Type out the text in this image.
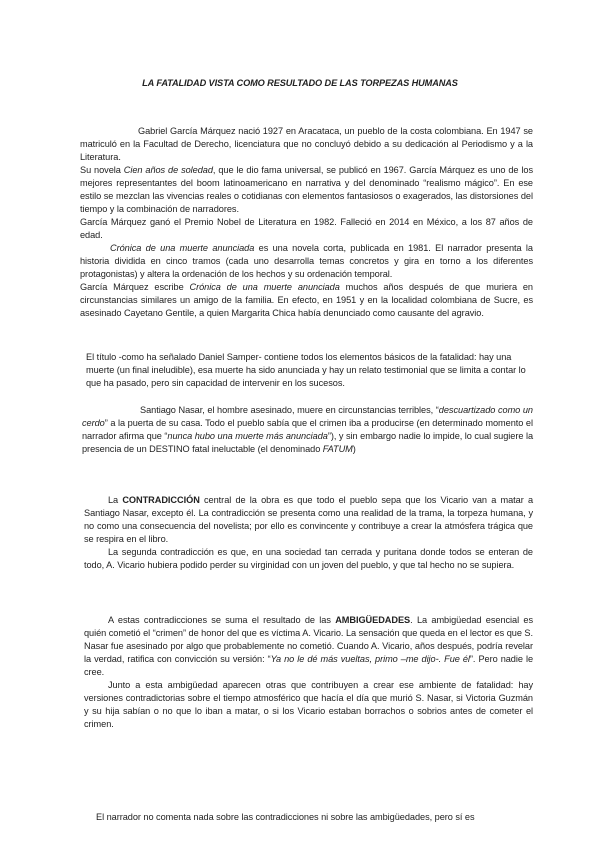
LA FATALIDAD VISTA COMO RESULTADO DE LAS TORPEZAS HUMANAS

Gabriel García Márquez nació 1927 en Aracataca, un pueblo de la costa colombiana. En 1947 se matriculó en la Facultad de Derecho, licenciatura que no concluyó debido a su dedicación al Periodismo y a la Literatura.

Su novela Cien años de soledad, que le dio fama universal, se publicó en 1967. García Márquez es uno de los mejores representantes del boom latinoamericano en narrativa y del denominado “realismo mágico”. En ese estilo se mezclan las vivencias reales o cotidianas con elementos fantasiosos o exagerados, las distorsiones del tiempo y la combinación de narradores.

García Márquez ganó el Premio Nobel de Literatura en 1982. Falleció en 2014 en México, a los 87 años de edad.

Crónica de una muerte anunciada es una novela corta, publicada en 1981. El narrador presenta la historia dividida en cinco tramos (cada uno desarrolla temas concretos y gira en torno a los diferentes protagonistas) y altera la ordenación de los hechos y su ordenación temporal.

García Márquez escribe Crónica de una muerte anunciada muchos años después de que muriera en circunstancias similares un amigo de la familia. En efecto, en 1951 y en la localidad colombiana de Sucre, es asesinado Cayetano Gentile, a quien Margarita Chica había denunciado como causante del agravio.

El título -como ha señalado Daniel Samper- contiene todos los elementos básicos de la fatalidad: hay una muerte (un final ineludible), esa muerte ha sido anunciada y hay un relato testimonial que se limita a contar lo que ha pasado, pero sin capacidad de intervenir en los sucesos.

Santiago Nasar, el hombre asesinado, muere en circunstancias terribles, “descuartizado como un cerdo” a la puerta de su casa. Todo el pueblo sabía que el crimen iba a producirse (en determinado momento el narrador afirma que “nunca hubo una muerte más anunciada”), y sin embargo nadie lo impide, lo cual sugiere la presencia de un DESTINO fatal ineluctable (el denominado FATUM)

La CONTRADICCIÓN central de la obra es que todo el pueblo sepa que los Vicario van a matar a Santiago Nasar, excepto él. La contradicción se presenta como una realidad de la trama, la torpeza humana, y no como una consecuencia del novelista; por ello es convincente y contribuye a crear la atmósfera trágica que se respira en el libro.

La segunda contradicción es que, en una sociedad tan cerrada y puritana donde todos se enteran de todo, A. Vicario hubiera podido perder su virginidad con un joven del pueblo, y que tal hecho no se supiera.

A estas contradicciones se suma el resultado de las AMBIGÜEDADES. La ambigüedad esencial es quién cometió el “crimen” de honor del que es víctima A. Vicario. La sensación que queda en el lector es que S. Nasar fue asesinado por algo que probablemente no cometió. Cuando A. Vicario, años después, podría revelar la verdad, ratifica con convicción su versión: “Ya no le dé más vueltas, primo –me dijo-. Fue él”. Pero nadie le cree.

Junto a esta ambigüedad aparecen otras que contribuyen a crear ese ambiente de fatalidad: hay versiones contradictorias sobre el tiempo atmosférico que hacía el día que murió S. Nasar, si Victoria Guzmán y su hija sabían o no que lo iban a matar, o si los Vicario estaban borrachos o sobrios antes de cometer el crimen.

El narrador no comenta nada sobre las contradicciones ni sobre las ambigüedades, pero sí es
